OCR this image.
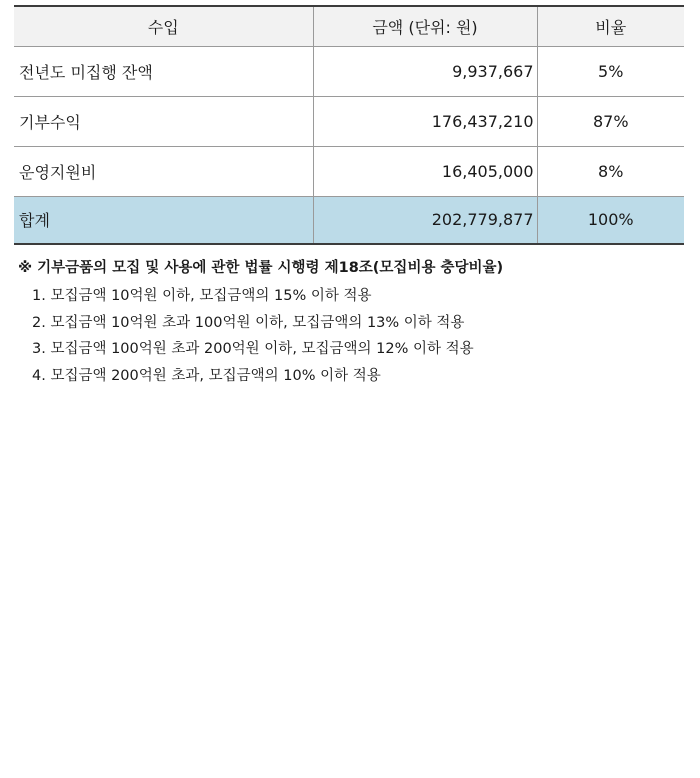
수입	금액 (단위: 원)	비율
전년도 미집행 잔액	9,937,667	5%
기부수익	176,437,210	87%
운영지원비	16,405,000	8%
합계	202,779,877	100%
※ 기부금품의 모집 및 사용에 관한 법률 시행령 제18조(모집비용 충당비율)
1. 모집금액 10억원 이하, 모집금액의 15% 이하 적용
2. 모집금액 10억원 초과 100억원 이하, 모집금액의 13% 이하 적용
3. 모집금액 100억원 초과 200억원 이하, 모집금액의 12% 이하 적용
4. 모집금액 200억원 초과, 모집금액의 10% 이하 적용
